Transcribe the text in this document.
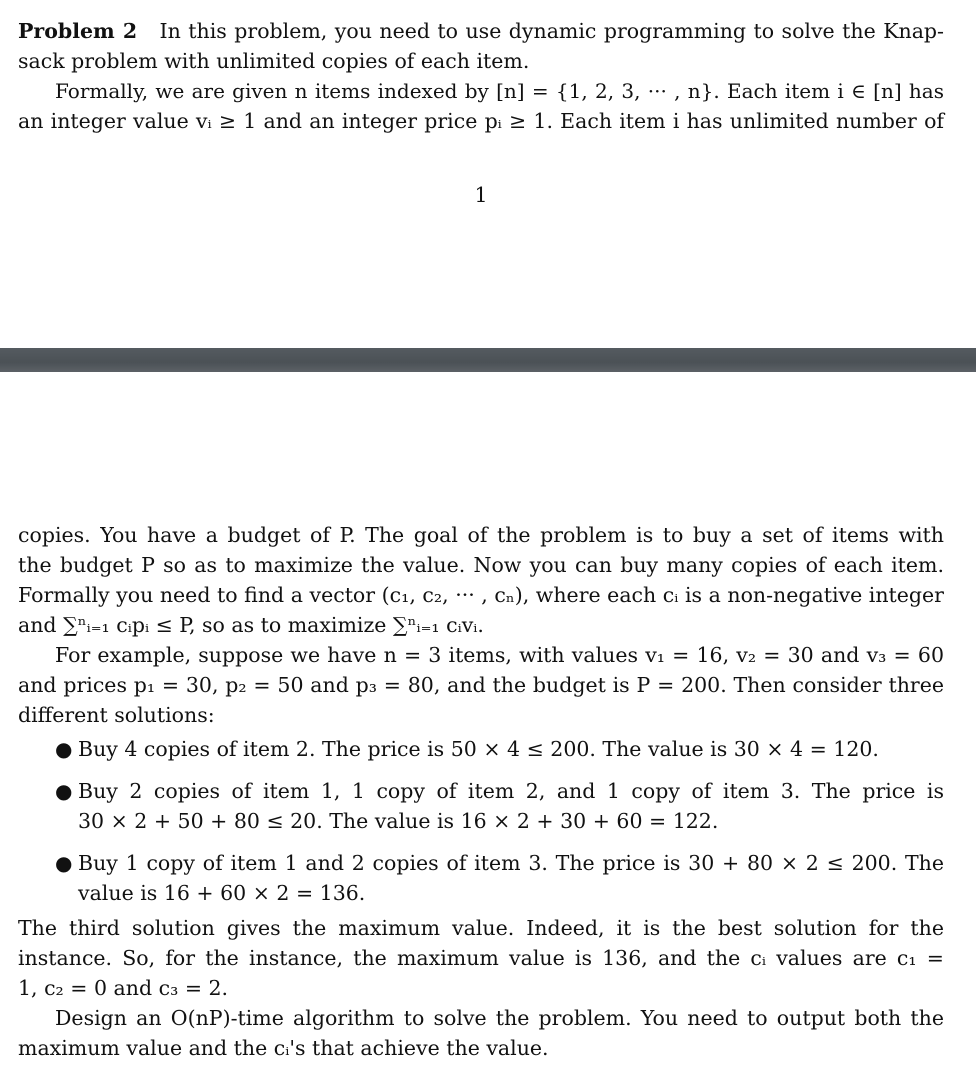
Problem 2 In this problem, you need to use dynamic programming to solve the Knap-
sack problem with unlimited copies of each item.
Formally, we are given n items indexed by [n] = {1, 2, 3, ··· , n}. Each item i ∈ [n] has
an integer value vᵢ ≥ 1 and an integer price pᵢ ≥ 1. Each item i has unlimited number of
1
copies. You have a budget of P. The goal of the problem is to buy a set of items with
the budget P so as to maximize the value. Now you can buy many copies of each item.
Formally you need to find a vector (c₁, c₂, ··· , cₙ), where each cᵢ is a non-negative integer
and ∑ⁿᵢ₌₁ cᵢpᵢ ≤ P, so as to maximize ∑ⁿᵢ₌₁ cᵢvᵢ.
For example, suppose we have n = 3 items, with values v₁ = 16, v₂ = 30 and v₃ = 60
and prices p₁ = 30, p₂ = 50 and p₃ = 80, and the budget is P = 200. Then consider three
different solutions:
● Buy 4 copies of item 2. The price is 50 × 4 ≤ 200. The value is 30 × 4 = 120.
● Buy 2 copies of item 1, 1 copy of item 2, and 1 copy of item 3. The price is
30 × 2 + 50 + 80 ≤ 20. The value is 16 × 2 + 30 + 60 = 122.
● Buy 1 copy of item 1 and 2 copies of item 3. The price is 30 + 80 × 2 ≤ 200. The
value is 16 + 60 × 2 = 136.
The third solution gives the maximum value. Indeed, it is the best solution for the
instance. So, for the instance, the maximum value is 136, and the cᵢ values are c₁ =
1, c₂ = 0 and c₃ = 2.
Design an O(nP)-time algorithm to solve the problem. You need to output both the
maximum value and the cᵢ's that achieve the value.
